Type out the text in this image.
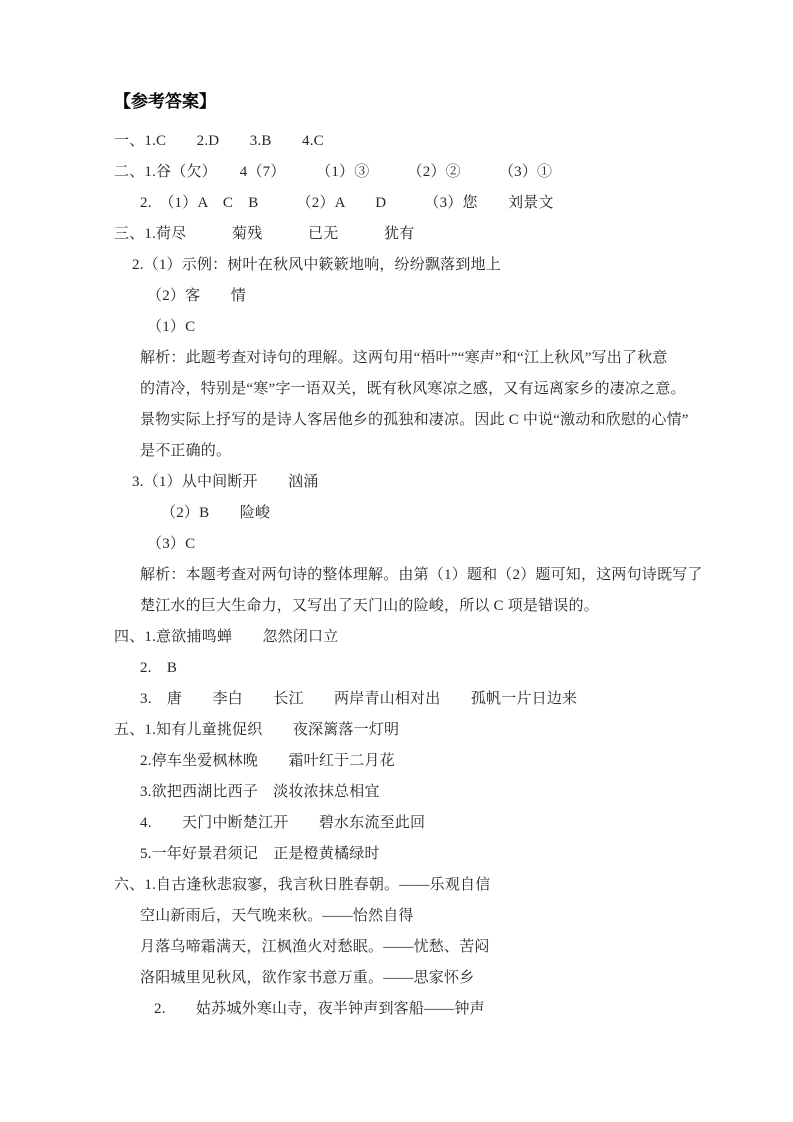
【参考答案】
一、1.C　　2.D　　3.B　　4.C
二、1.谷（欠）　　4（7）　　　（1）③　　　（2）②　　　（3）①
2.　（1）A　C　B　　　（2）A　　D　　　（3）您　　刘景文
三、1.荷尽　　　菊残　　　已无　　　犹有
2.（1）示例：树叶在秋风中簌簌地响，纷纷飘落到地上
（2）客　　情
（1）C
解析：此题考查对诗句的理解。这两句用“梧叶”“寒声”和“江上秋风”写出了秋意
的清冷，特别是“寒”字一语双关，既有秋风寒凉之感，又有远离家乡的凄凉之意。
景物实际上抒写的是诗人客居他乡的孤独和凄凉。因此 C 中说“激动和欣慰的心情”
是不正确的。
3.（1）从中间断开　　汹涌
（2）B　　险峻
（3）C
解析：本题考查对两句诗的整体理解。由第（1）题和（2）题可知，这两句诗既写了
楚江水的巨大生命力，又写出了天门山的险峻，所以 C 项是错误的。
四、1.意欲捕鸣蝉　　忽然闭口立
2.　B
3.　唐　　李白　　长江　　两岸青山相对出　　孤帆一片日边来
五、1.知有儿童挑促织　　夜深篱落一灯明
2.停车坐爱枫林晚　　霜叶红于二月花
3.欲把西湖比西子　淡妆浓抹总相宜
4.　　天门中断楚江开　　碧水东流至此回
5.一年好景君须记　正是橙黄橘绿时
六、1.自古逢秋悲寂寥，我言秋日胜春朝。——乐观自信
空山新雨后，天气晚来秋。——怡然自得
月落乌啼霜满天，江枫渔火对愁眠。——忧愁、苦闷
洛阳城里见秋风，欲作家书意万重。——思家怀乡
2.　　姑苏城外寒山寺，夜半钟声到客船——钟声
